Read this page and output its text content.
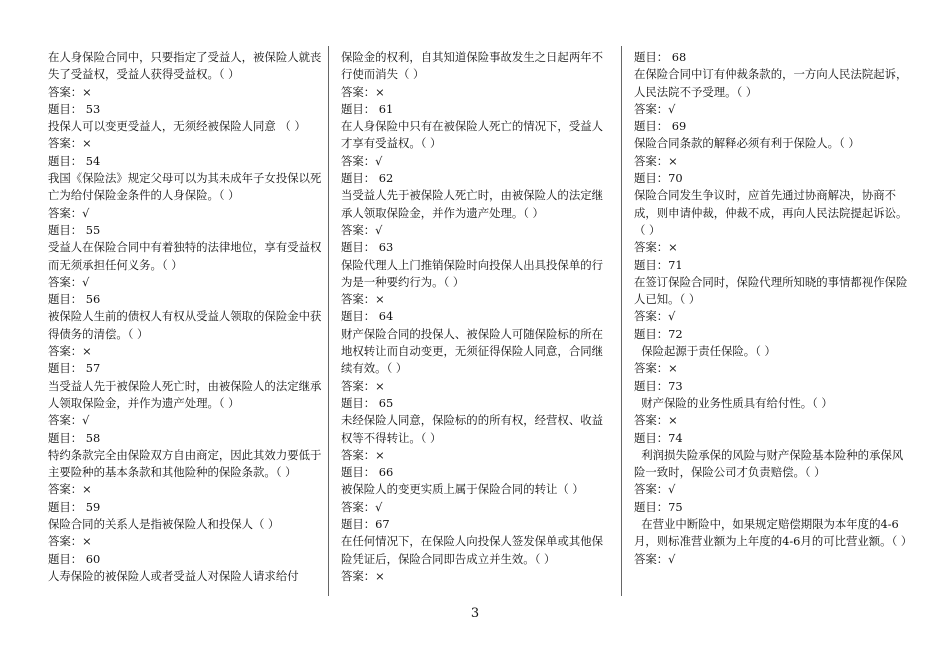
在人身保险合同中，只要指定了受益人，被保险人就丧失了受益权，受益人获得受益权。（ ）

答案：×

题目： 53

投保人可以变更受益人，无须经被保险人同意 （ ）

答案：×

题目： 54

我国《保险法》规定父母可以为其未成年子女投保以死亡为给付保险金条件的人身保险。（ ）

答案：√

题目： 55

受益人在保险合同中有着独特的法律地位，享有受益权而无须承担任何义务。（ ）

答案：√

题目： 56

被保险人生前的债权人有权从受益人领取的保险金中获得债务的清偿。（ ）

答案：×

题目： 57

当受益人先于被保险人死亡时，由被保险人的法定继承人领取保险金，并作为遗产处理。（ ）

答案：√

题目： 58

特约条款完全由保险双方自由商定，因此其效力要低于主要险种的基本条款和其他险种的保险条款。（ ）

答案：×

题目： 59

保险合同的关系人是指被保险人和投保人（ ）

答案：×

题目： 60

人寿保险的被保险人或者受益人对保险人请求给付

保险金的权利，自其知道保险事故发生之日起两年不行使而消失（ ）

答案：×

题目： 61

在人身保险中只有在被保险人死亡的情况下，受益人才享有受益权。（ ）

答案：√

题目： 62

当受益人先于被保险人死亡时，由被保险人的法定继承人领取保险金，并作为遗产处理。（ ）

答案：√

题目： 63

保险代理人上门推销保险时向投保人出具投保单的行为是一种要约行为。（ ）

答案：×

题目： 64

财产保险合同的投保人、被保险人可随保险标的所在地权转让而自动变更，无须征得保险人同意，合同继续有效。（ ）

答案：×

题目： 65

未经保险人同意，保险标的的所有权，经营权、收益权等不得转让。（ ）

答案：×

题目： 66

被保险人的变更实质上属于保险合同的转让（ ）

答案：√

题目：67

在任何情况下，在保险人向投保人签发保单或其他保险凭证后，保险合同即告成立并生效。（ ）

答案：×

题目： 68

在保险合同中订有仲裁条款的，一方向人民法院起诉，人民法院不予受理。（ ）

答案：√

题目： 69

保险合同条款的解释必须有利于保险人。（ ）

答案：×

题目：70

保险合同发生争议时，应首先通过协商解决，协商不成，则申请仲裁，仲裁不成，再向人民法院提起诉讼。（ ）

答案：×

题目：71

在签订保险合同时，保险代理所知晓的事情都视作保险人已知。（ ）

答案：√

题目：72

保险起源于责任保险。（ ）

答案：×

题目：73

财产保险的业务性质具有给付性。（ ）

答案：×

题目：74

利润损失险承保的风险与财产保险基本险种的承保风险一致时，保险公司才负责赔偿。（ ）

答案：√

题目：75

在营业中断险中，如果规定赔偿期限为本年度的4-6月，则标准营业额为上年度的4-6月的可比营业额。（ ）

答案：√

3
